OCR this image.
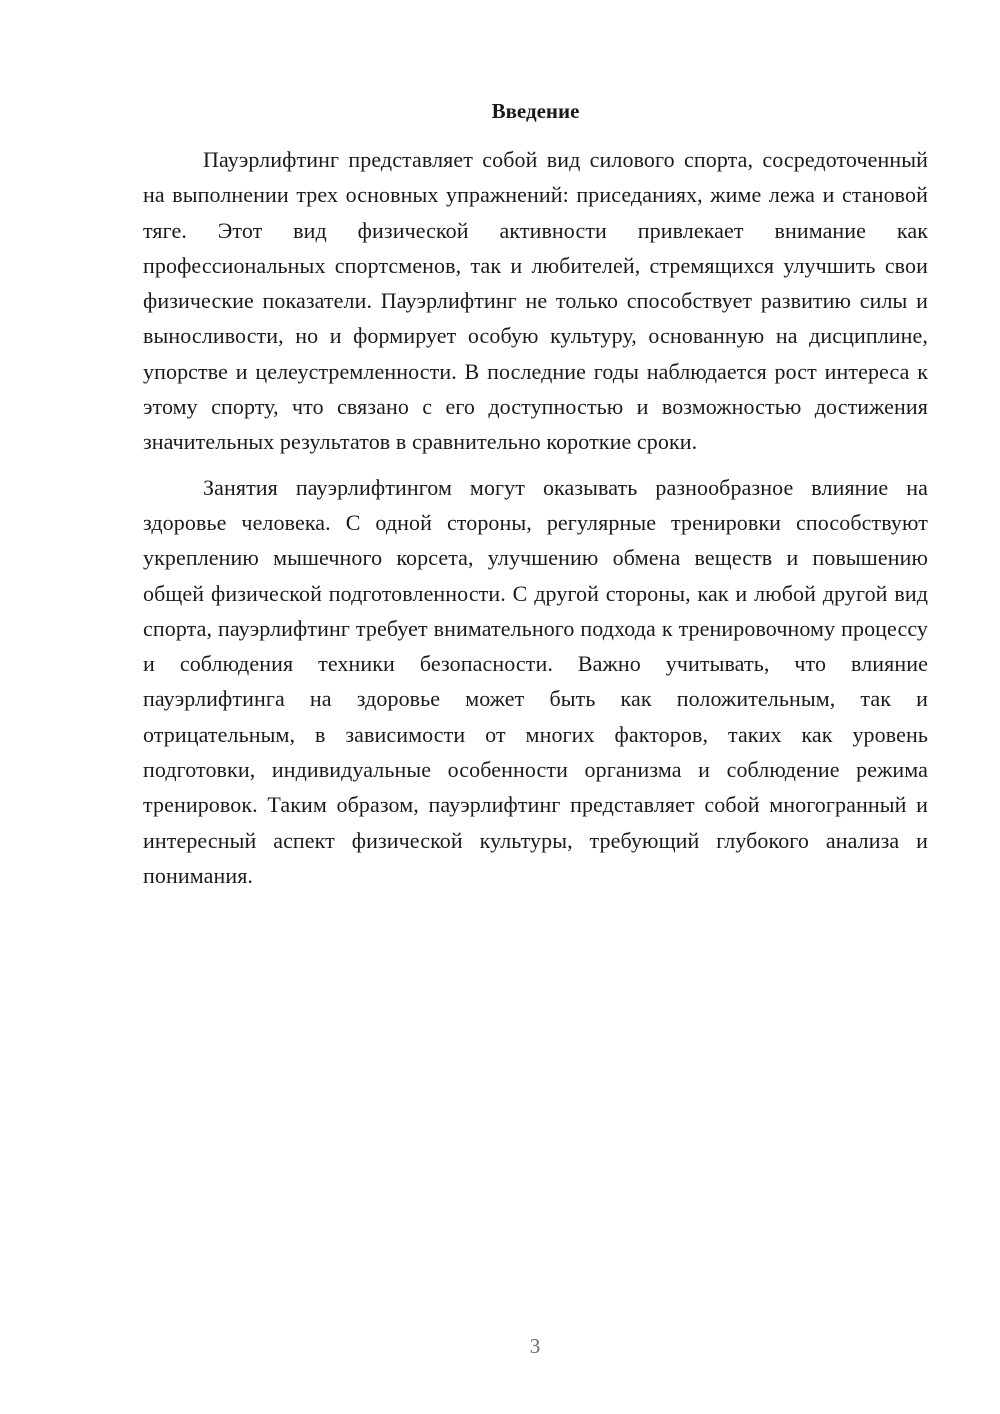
Введение

Пауэрлифтинг представляет собой вид силового спорта, сосредоточенный на выполнении трех основных упражнений: приседаниях, жиме лежа и становой тяге. Этот вид физической активности привлекает внимание как профессиональных спортсменов, так и любителей, стремящихся улучшить свои физические показатели. Пауэрлифтинг не только способствует развитию силы и выносливости, но и формирует особую культуру, основанную на дисциплине, упорстве и целеустремленности. В последние годы наблюдается рост интереса к этому спорту, что связано с его доступностью и возможностью достижения значительных результатов в сравнительно короткие сроки.

Занятия пауэрлифтингом могут оказывать разнообразное влияние на здоровье человека. С одной стороны, регулярные тренировки способствуют укреплению мышечного корсета, улучшению обмена веществ и повышению общей физической подготовленности. С другой стороны, как и любой другой вид спорта, пауэрлифтинг требует внимательного подхода к тренировочному процессу и соблюдения техники безопасности. Важно учитывать, что влияние пауэрлифтинга на здоровье может быть как положительным, так и отрицательным, в зависимости от многих факторов, таких как уровень подготовки, индивидуальные особенности организма и соблюдение режима тренировок. Таким образом, пауэрлифтинг представляет собой многогранный и интересный аспект физической культуры, требующий глубокого анализа и понимания.

3
